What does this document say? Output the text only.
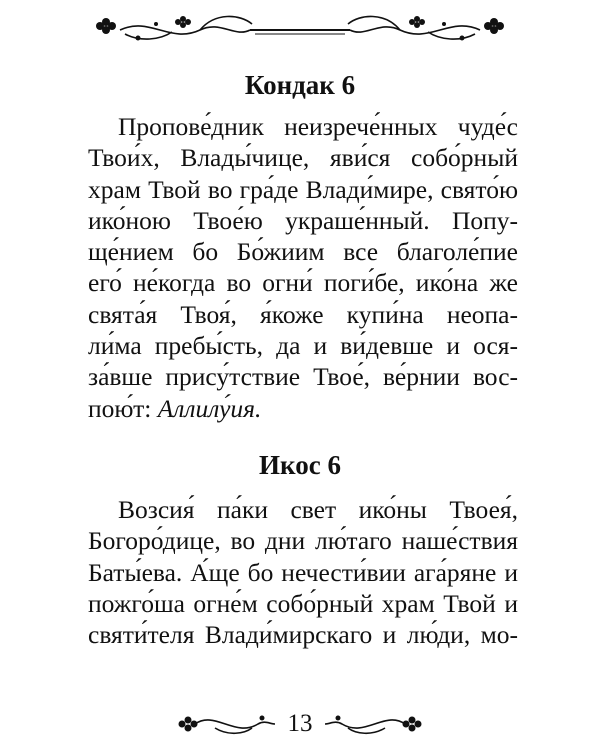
Кондак 6
Пропове́дник неизрече́нных чуде́с
Твои́х, Влады́чице, яви́ся собо́рный
храм Твой во гра́де Влади́мире, свято́ю
ико́ною Твое́ю украше́нный. Попу-
ще́нием бо Бо́жиим все благоле́пие
его́ не́когда во огни́ поги́бе, ико́на же
свята́я Твоя́, я́коже купи́на неопа-
ли́ма пребы́сть, да и ви́девше и ося-
за́вше прису́тствие Твое́, ве́рнии вос-
пою́т: Аллилу́ия.
Икос 6
Возсия́ па́ки свет ико́ны Твоея́,
Богоро́дице, во дни лю́таго наше́ствия
Баты́ева. А́ще бо нечести́вии ага́ряне и
пожго́ша огне́м собо́рный храм Твой и
святи́теля Влади́мирскаго и лю́ди, мо-
13
